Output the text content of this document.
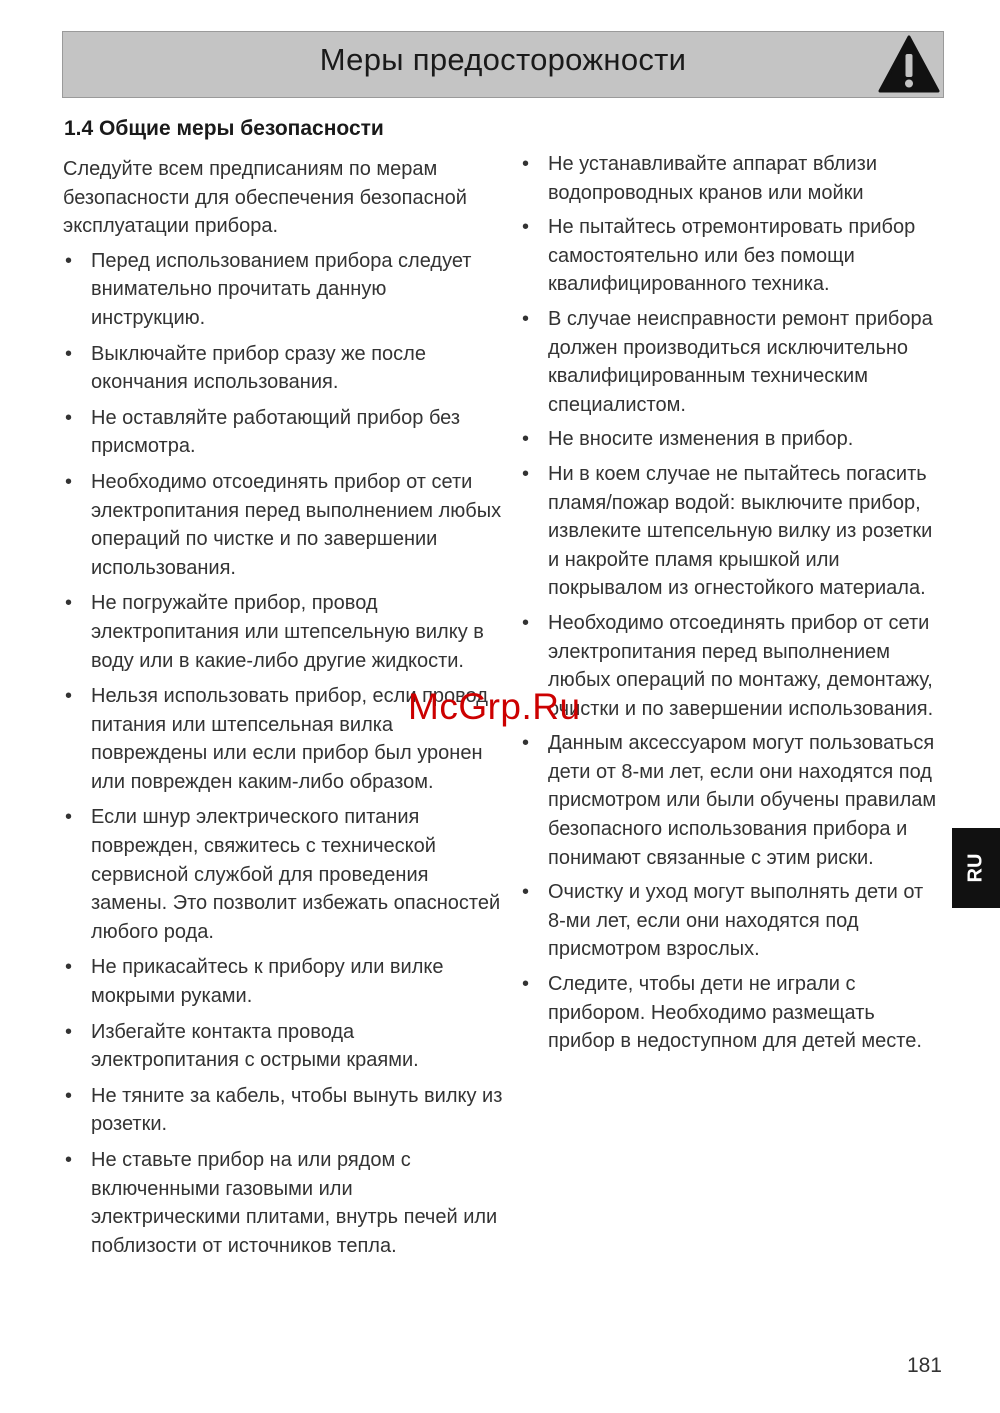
Меры предосторожности
1.4 Общие меры безопасности

Следуйте всем предписаниям по мерам безопасности для обеспечения безопасной эксплуатации прибора.

• Перед использованием прибора следует внимательно прочитать данную инструкцию.
• Выключайте прибор сразу же после окончания использования.
• Не оставляйте работающий прибор без присмотра.
• Необходимо отсоединять прибор от сети электропитания перед выполнением любых операций по чистке и по завершении использования.
• Не погружайте прибор, провод электропитания или штепсельную вилку в воду или в какие-либо другие жидкости.
• Нельзя использовать прибор, если провод питания или штепсельная вилка повреждены или если прибор был уронен или поврежден каким-либо образом.
• Если шнур электрического питания поврежден, свяжитесь с технической сервисной службой для проведения замены. Это позволит избежать опасностей любого рода.
• Не прикасайтесь к прибору или вилке мокрыми руками.
• Избегайте контакта провода электропитания с острыми краями.
• Не тяните за кабель, чтобы вынуть вилку из розетки.
• Не ставьте прибор на или рядом с включенными газовыми или электрическими плитами, внутрь печей или поблизости от источников тепла.
• Не устанавливайте аппарат вблизи водопроводных кранов или мойки
• Не пытайтесь отремонтировать прибор самостоятельно или без помощи квалифицированного техника.
• В случае неисправности ремонт прибора должен производиться исключительно квалифицированным техническим специалистом.
• Не вносите изменения в прибор.
• Ни в коем случае не пытайтесь погасить пламя/пожар водой: выключите прибор, извлеките штепсельную вилку из розетки и накройте пламя крышкой или покрывалом из огнестойкого материала.
• Необходимо отсоединять прибор от сети электропитания перед выполнением любых операций по монтажу, демонтажу, очистки и по завершении использования.
• Данным аксессуаром могут пользоваться дети от 8-ми лет, если они находятся под присмотром или были обучены правилам безопасного использования прибора и понимают связанные с этим риски.
• Очистку и уход могут выполнять дети от 8-ми лет, если они находятся под присмотром взрослых.
• Следите, чтобы дети не играли с прибором. Необходимо размещать прибор в недоступном для детей месте.
McGrp.Ru
RU
181
